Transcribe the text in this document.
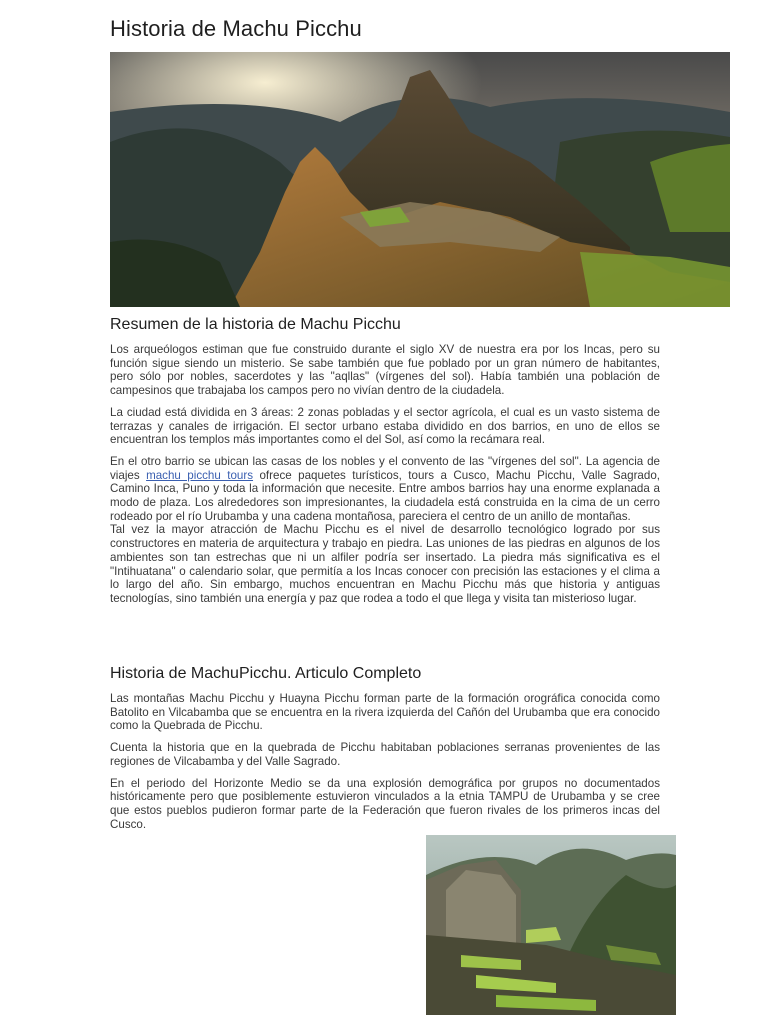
Historia de Machu Picchu
Resumen de la historia de Machu Picchu

Los arqueólogos estiman que fue construido durante el siglo XV de nuestra era por los Incas, pero su función sigue siendo un misterio. Se sabe también que fue poblado por un gran número de habitantes, pero sólo por nobles, sacerdotes y las "aqllas" (vírgenes del sol). Había también una población de campesinos que trabajaba los campos pero no vivían dentro de la ciudadela.

La ciudad está dividida en 3 áreas: 2 zonas pobladas y el sector agrícola, el cual es un vasto sistema de terrazas y canales de irrigación. El sector urbano estaba dividido en dos barrios, en uno de ellos se encuentran los templos más importantes como el del Sol, así como la recámara real.

En el otro barrio se ubican las casas de los nobles y el convento de las "vírgenes del sol". La agencia de viajes machu picchu tours ofrece paquetes turísticos, tours a Cusco, Machu Picchu, Valle Sagrado, Camino Inca, Puno y toda la información que necesite. Entre ambos barrios hay una enorme explanada a modo de plaza. Los alrededores son impresionantes, la ciudadela está construida en la cima de un cerro rodeado por el río Urubamba y una cadena montañosa, pareciera el centro de un anillo de montañas.

Tal vez la mayor atracción de Machu Picchu es el nivel de desarrollo tecnológico logrado por sus constructores en materia de arquitectura y trabajo en piedra. Las uniones de las piedras en algunos de los ambientes son tan estrechas que ni un alfiler podría ser insertado. La piedra más significativa es el "Intihuatana" o calendario solar, que permitía a los Incas conocer con precisión las estaciones y el clima a lo largo del año. Sin embargo, muchos encuentran en Machu Picchu más que historia y antiguas tecnologías, sino también una energía y paz que rodea a todo el que llega y visita tan misterioso lugar.

Historia de MachuPicchu. Articulo Completo

Las montañas Machu Picchu y Huayna Picchu forman parte de la formación orográfica conocida como Batolito en Vilcabamba que se encuentra en la rivera izquierda del Cañón del Urubamba que era conocido como la Quebrada de Picchu.

Cuenta la historia que en la quebrada de Picchu habitaban poblaciones serranas provenientes de las regiones de Vilcabamba y del Valle Sagrado.

En el periodo del Horizonte Medio se da una explosión demográfica por grupos no documentados históricamente pero que posiblemente estuvieron vinculados a la etnia TAMPU de Urubamba y se cree que estos pueblos pudieron formar parte de la Federación que fueron rivales de los primeros incas del Cusco.
